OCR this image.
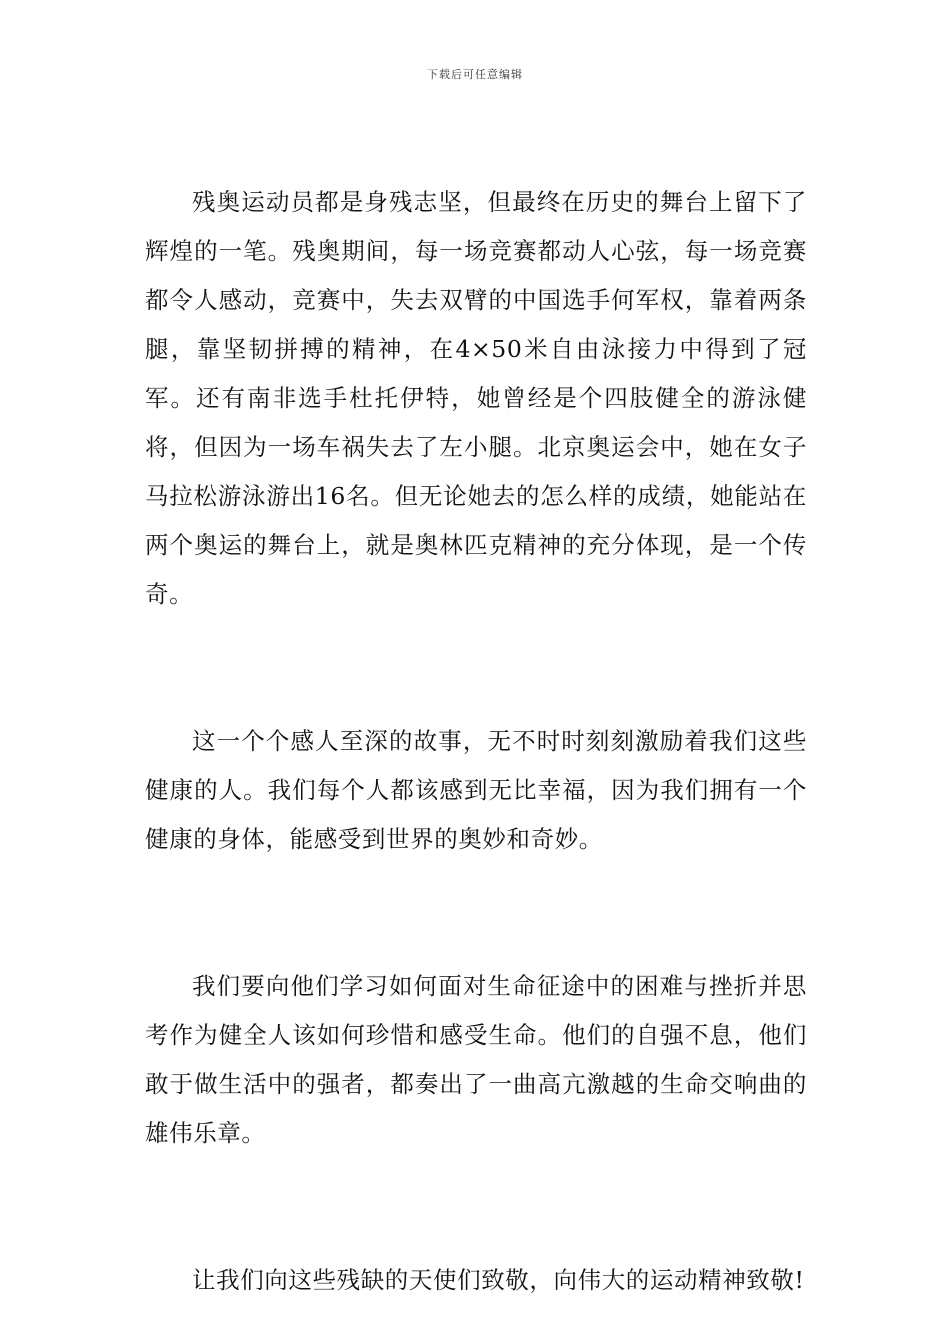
下载后可任意编辑

残奥运动员都是身残志坚，但最终在历史的舞台上留下了辉煌的一笔。残奥期间，每一场竞赛都动人心弦，每一场竞赛都令人感动，竞赛中，失去双臂的中国选手何军权，靠着两条腿，靠坚韧拼搏的精神，在4×50米自由泳接力中得到了冠军。还有南非选手杜托伊特，她曾经是个四肢健全的游泳健将，但因为一场车祸失去了左小腿。北京奥运会中，她在女子马拉松游泳游出16名。但无论她去的怎么样的成绩，她能站在两个奥运的舞台上，就是奥林匹克精神的充分体现，是一个传奇。

这一个个感人至深的故事，无不时时刻刻激励着我们这些健康的人。我们每个人都该感到无比幸福，因为我们拥有一个健康的身体，能感受到世界的奥妙和奇妙。

我们要向他们学习如何面对生命征途中的困难与挫折并思考作为健全人该如何珍惜和感受生命。他们的自强不息，他们敢于做生活中的强者，都奏出了一曲高亢激越的生命交响曲的雄伟乐章。

让我们向这些残缺的天使们致敬，向伟大的运动精神致敬!
